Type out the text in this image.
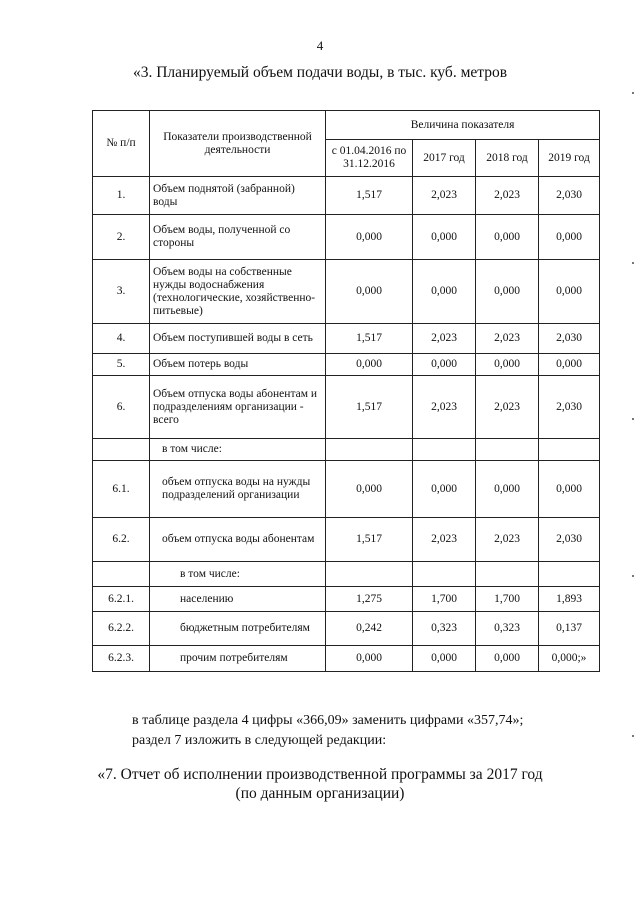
4
«3. Планируемый объем подачи воды, в тыс. куб. метров
№ п/п	Показатели производственной деятельности	Величина показателя			
		с 01.04.2016 по 31.12.2016	2017 год	2018 год	2019 год
1.	Объем поднятой (забранной) воды	1,517	2,023	2,023	2,030
2.	Объем воды, полученной со стороны	0,000	0,000	0,000	0,000
3.	Объем воды на собственные нужды водоснабжения (технологические, хозяйственно-питьевые)	0,000	0,000	0,000	0,000
4.	Объем поступившей воды в сеть	1,517	2,023	2,023	2,030
5.	Объем потерь воды	0,000	0,000	0,000	0,000
6.	Объем отпуска воды абонентам и подразделениям организации - всего	1,517	2,023	2,023	2,030
	в том числе:				
6.1.	объем отпуска воды на нужды подразделений организации	0,000	0,000	0,000	0,000
6.2.	объем отпуска воды абонентам	1,517	2,023	2,023	2,030
	в том числе:				
6.2.1.	населению	1,275	1,700	1,700	1,893
6.2.2.	бюджетным потребителям	0,242	0,323	0,323	0,137
6.2.3.	прочим потребителям	0,000	0,000	0,000	0,000;»
в таблице раздела 4 цифры «366,09» заменить цифрами «357,74»;
раздел 7 изложить в следующей редакции:
«7. Отчет об исполнении производственной программы за 2017 год
(по данным организации)
